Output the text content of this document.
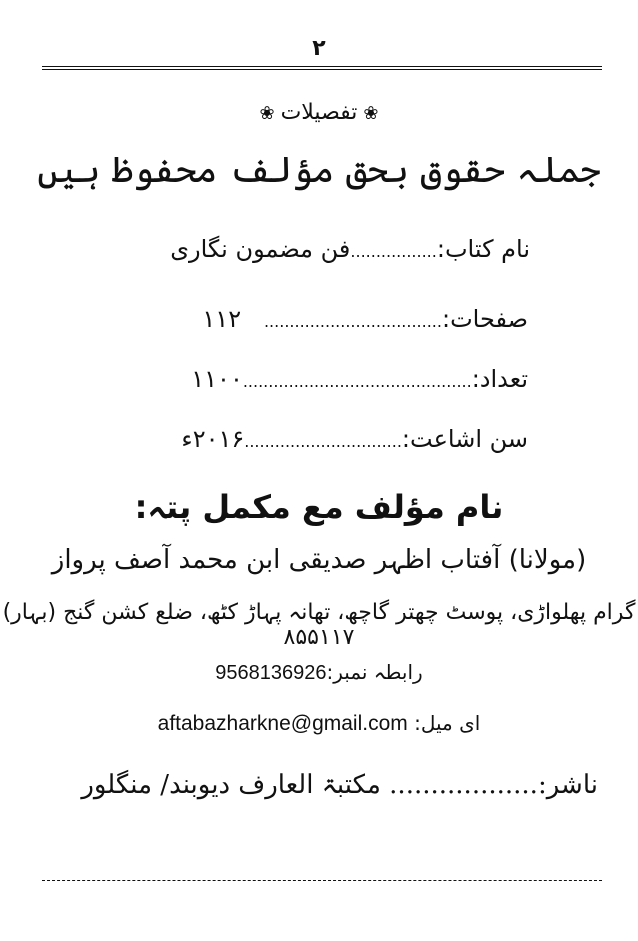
۲
❀تفصیلات❀
جملہ حقوق بحق مؤلف محفوظ ہیں
نام کتاب:.................فن مضمون نگاری
صفحات:...................................   ۱۱۲
تعداد:.............................................۱۱۰۰
سن اشاعت:...............................۲۰۱۶ء
نام مؤلف مع مکمل پتہ:
(مولانا) آفتاب اظہر صدیقی ابن محمد آصف پرواز
گرام پھلواڑی، پوسٹ چھتر گاچھ، تھانہ پہاڑ کٹھ، ضلع کشن گنج (بہار) ۸۵۵۱۱۷
رابطہ نمبر:9568136926
ای میل: aftabazharkne@gmail.com
ناشر:.................. مکتبۃ العارف دیوبند/ منگلور
